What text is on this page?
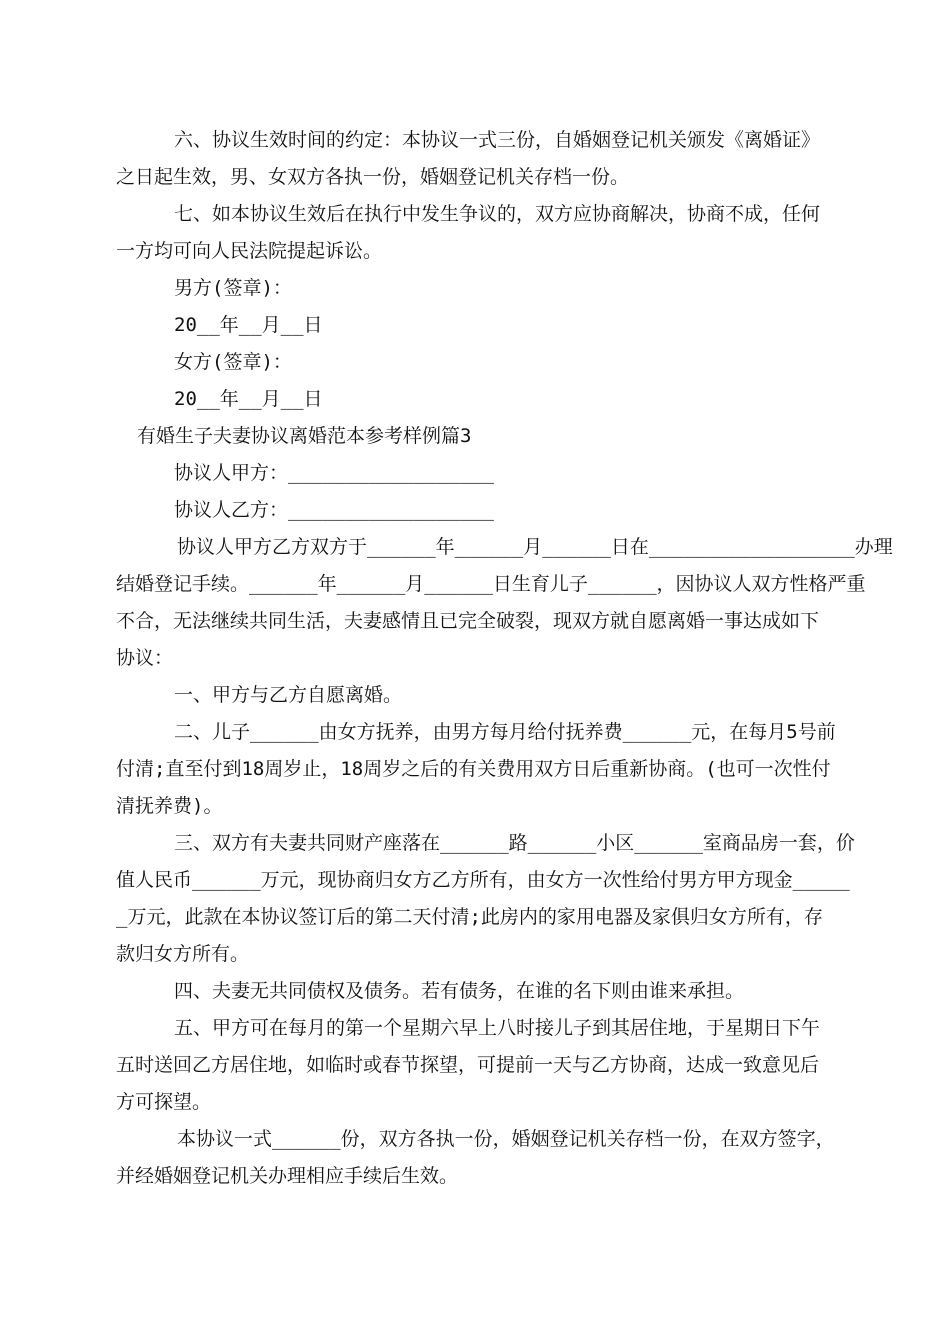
六、协议生效时间的约定：本协议一式三份，自婚姻登记机关颁发《离婚证》
之日起生效，男、女双方各执一份，婚姻登记机关存档一份。
七、如本协议生效后在执行中发生争议的，双方应协商解决，协商不成，任何
一方均可向人民法院提起诉讼。
男方(签章)：
20__年__月__日
女方(签章)：
20__年__月__日
有婚生子夫妻协议离婚范本参考样例篇3
协议人甲方：__________________
协议人乙方：__________________
协议人甲方乙方双方于______年______月______日在__________________办理
结婚登记手续。______年______月______日生育儿子______，因协议人双方性格严重
不合，无法继续共同生活，夫妻感情且已完全破裂，现双方就自愿离婚一事达成如下
协议：
一、甲方与乙方自愿离婚。
二、儿子______由女方抚养，由男方每月给付抚养费______元，在每月5号前
付清;直至付到18周岁止，18周岁之后的有关费用双方日后重新协商。(也可一次性付
清抚养费)。
三、双方有夫妻共同财产座落在______路______小区______室商品房一套，价
值人民币______万元，现协商归女方乙方所有，由女方一次性给付男方甲方现金_____
_万元，此款在本协议签订后的第二天付清;此房内的家用电器及家俱归女方所有，存
款归女方所有。
四、夫妻无共同债权及债务。若有债务，在谁的名下则由谁来承担。
五、甲方可在每月的第一个星期六早上八时接儿子到其居住地，于星期日下午
五时送回乙方居住地，如临时或春节探望，可提前一天与乙方协商，达成一致意见后
方可探望。
本协议一式______份，双方各执一份，婚姻登记机关存档一份，在双方签字，
并经婚姻登记机关办理相应手续后生效。
